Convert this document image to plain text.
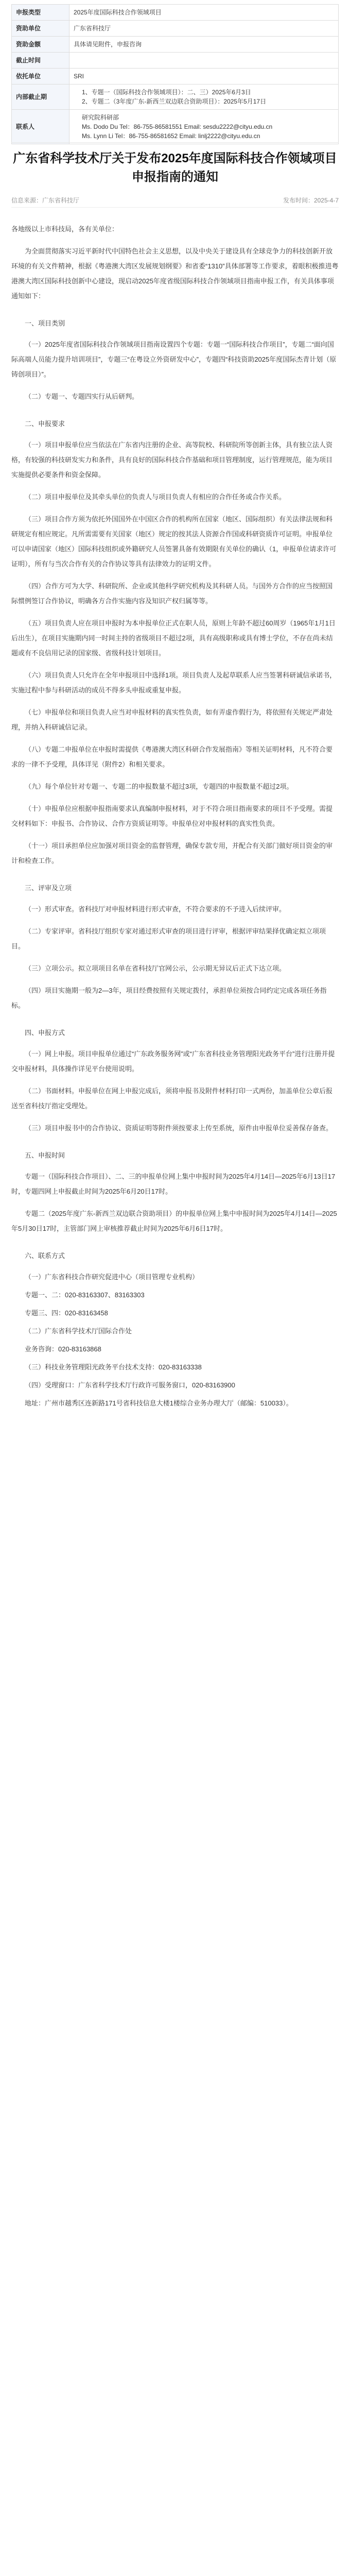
申报类型	2025年度国际科技合作领域项目
资助单位	广东省科技厅
资助金额	具体请见附件，申报咨询
截止时间	
依托单位	SRI
内部截止期	1、专题一（国际科技合作领域项目）：二、三）2025年6月3日
2、专题二（3年度广东-新西兰双边联合资助项目）：2025年5月17日
联系人	研究院科研部
Ms. Dodo Du Tel：86-755-86581551 Email: sesdu2222@cityu.edu.cn
Ms. Lynn Li Tel：86-755-86581652 Email: linlj2222@cityu.edu.cn
广东省科学技术厅关于发布2025年度国际科技合作领域项目申报指南的通知
信息来源：广东省科技厅	发布时间：2025-4-7

各地级以上市科技局，各有关单位：

为全面贯彻落实习近平新时代中国特色社会主义思想，以及中央关于建设具有全球竞争力的科技创新开放环境的有关文件精神，根据《粤港澳大湾区发展规划纲要》和省委“1310”具体部署等工作要求，着眼积极推进粤港澳大湾区国际科技创新中心建设，现启动2025年度省级国际科技合作领域项目指南申报工作，有关具体事项通知如下：

一、项目类别

（一）2025年度省国际科技合作领域项目指南设置四个专题：专题一“国际科技合作项目”，专题二“面向国际高端人员能力提升培训项目”，专题三“在粤设立外资研发中心”，专题四“科技资助2025年度国际杰青计划（原铸创项目）”。

（二）专题一、专题四实行从后研判。

二、申报要求

（一）项目申报单位应当依法在广东省内注册的企业、高等院校、科研院所等创新主体，具有独立法人资格，有较强的科技研发实力和条件，具有良好的国际科技合作基础和项目管理制度，运行管理规范，能为项目实施提供必要条件和资金保障。

（二）项目申报单位及其牵头单位的负责人与项目负责人有相应的合作任务或合作关系。

（三）项目合作方须为依托外国国外在中国区合作的机构所在国家（地区、国际组织）有关法律法规和科研规定有相应规定。凡所需需要有关国家（地区）规定的按其法人资源合作国或科研资质许可证明。申报单位可以申请国家（地区）国际科技组织或外籍研究人员签署具备有效期限有关单位的确认（1，申报单位请求许可证明），所有与当次合作有关的合作协议等具有法律效力的证明文件。

（四）合作方可为大学、科研院所、企业或其他科学研究机构及其科研人员。与国外方合作的应当按照国际惯例签订合作协议，明确各方合作实施内容及知识产权归属等等。

（五）项目负责人应在项目申报时为本申报单位正式在职人员，原则上年龄不超过60周岁（1965年1月1日后出生），在项目实施期内同一时间主持的省级项目不超过2项，具有高级职称或具有博士学位，不存在尚未结题或有不良信用记录的国家级、省级科技计划项目。

（六）项目负责人只允许在全年申报项目中选择1项。项目负责人及起草联系人应当签署科研诚信承诺书，实施过程中参与科研活动的成员不得多头申报或重复申报。

（七）申报单位和项目负责人应当对申报材料的真实性负责，如有弄虚作假行为，将依照有关规定严肃处理，并纳入科研诚信记录。

（八）专题二申报单位在申报时需提供《粤港澳大湾区科研合作发展指南》等相关证明材料，凡不符合要求的一律不予受理，具体详见（附件2）和相关要求。

（九）每个单位针对专题一、专题二的申报数量不超过3项，专题四的申报数量不超过2项。

（十）申报单位应根据申报指南要求认真编制申报材料，对于不符合项目指南要求的项目不予受理。需提交材料如下：申报书、合作协议、合作方资质证明等。申报单位对申报材料的真实性负责。

（十一）项目承担单位应加强对项目资金的监督管理，确保专款专用，并配合有关部门做好项目资金的审计和检查工作。

三、评审及立项

（一）形式审查。省科技厅对申报材料进行形式审查，不符合要求的不予进入后续评审。

（二）专家评审。省科技厅组织专家对通过形式审查的项目进行评审，根据评审结果择优确定拟立项项目。

（三）立项公示。拟立项项目名单在省科技厅官网公示，公示期无异议后正式下达立项。

（四）项目实施期一般为2—3年，项目经费按照有关规定拨付，承担单位须按合同约定完成各项任务指标。

四、申报方式

（一）网上申报。项目申报单位通过“广东政务服务网”或“广东省科技业务管理阳光政务平台”进行注册并提交申报材料，具体操作详见平台使用说明。

（二）书面材料。申报单位在网上申报完成后，须将申报书及附件材料打印一式两份，加盖单位公章后报送至省科技厅指定受理处。

（三）项目申报书中的合作协议、资质证明等附件须按要求上传至系统，原件由申报单位妥善保存备查。

五、申报时间

专题一（国际科技合作项目）、二、三的申报单位网上集中申报时间为2025年4月14日—2025年6月13日17时，专题四网上申报截止时间为2025年6月20日17时。

专题二（2025年度广东-新西兰双边联合资助项目）的申报单位网上集中申报时间为2025年4月14日—2025年5月30日17时，主管部门网上审核推荐截止时间为2025年6月6日17时。

六、联系方式

（一）广东省科技合作研究促进中心（项目管理专业机构）

专题一、二：020-83163307、83163303

专题三、四：020-83163458

（二）广东省科学技术厅国际合作处

业务咨询：020-83163868

（三）科技业务管理阳光政务平台技术支持：020-83163338

（四）受理窗口：广东省科学技术厅行政许可服务窗口，020-83163900

地址：广州市越秀区连新路171号省科技信息大楼1楼综合业务办理大厅（邮编：510033）。
